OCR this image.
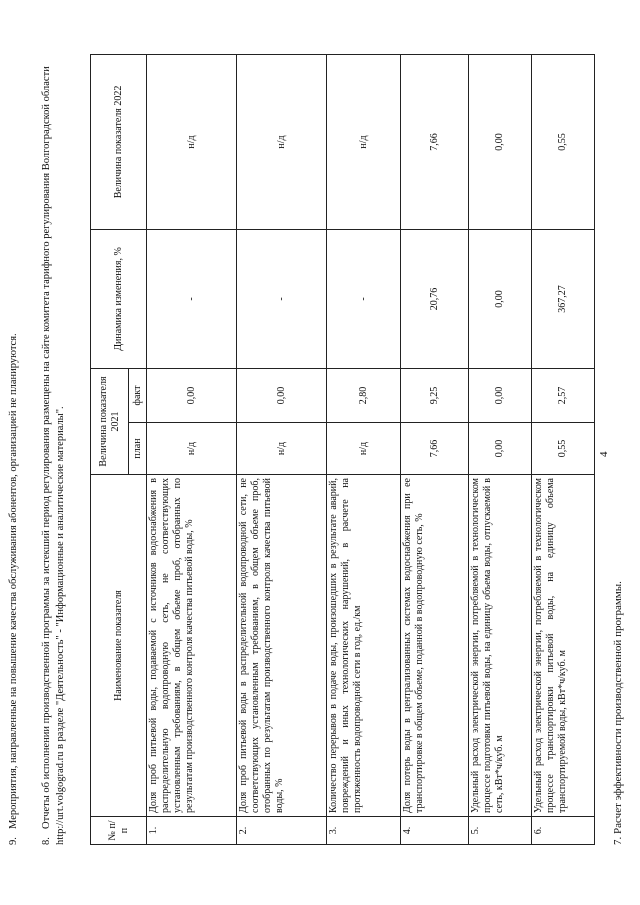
4
№ п/п	Наименование показателя	Величина показателя 2021		Динамика изменения, %	Величина показателя 2022
		план	факт		
1.	Доля проб питьевой воды, подаваемой с источников водоснабжения в распределительную водопроводную сеть, не соответствующих установленным требованиям, в общем объеме проб, отобранных по результатам производственного контроля качества питьевой воды, %	н/д	0,00	-	н/д
2.	Доля проб питьевой воды в распределительной водопроводной сети, не соответствующих установленным требованиям, в общем объеме проб, отобранных по результатам производственного контроля качества питьевой воды, %	н/д	0,00	-	н/д
3.	Количество перерывов в подаче воды, произошедших в результате аварий, повреждений и иных технологических нарушений, в расчете на протяженность водопроводной сети в год, ед./км	н/д	2,80	-	н/д
4.	Доля потерь воды в централизованных системах водоснабжения при ее транспортировке в общем объеме, поданной в водопроводную сеть, %	7,66	9,25	20,76	7,66
5.	Удельный расход электрической энергии, потребляемой в технологическом процессе подготовки питьевой воды, на единицу объема воды, отпускаемой в сеть, кВт*ч/куб. м	0,00	0,00	0,00	0,00
6.	Удельный расход электрической энергии, потребляемой в технологическом процессе транспортировки питьевой воды, на единицу объема транспортируемой воды, кВт*ч/куб. м	0,55	2,57	367,27	0,55
7. Расчет эффективности производственной программы.
8.Отчеты об исполнении производственной программы за истекший период регулирования размещены на сайте комитета тарифного регулирования Волгоградской области http://urt.volgograd.ru в разделе "Деятельность" - "Информационные и аналитические материалы".
9.Мероприятия, направленные на повышение качества обслуживания абонентов, организацией не планируются.
